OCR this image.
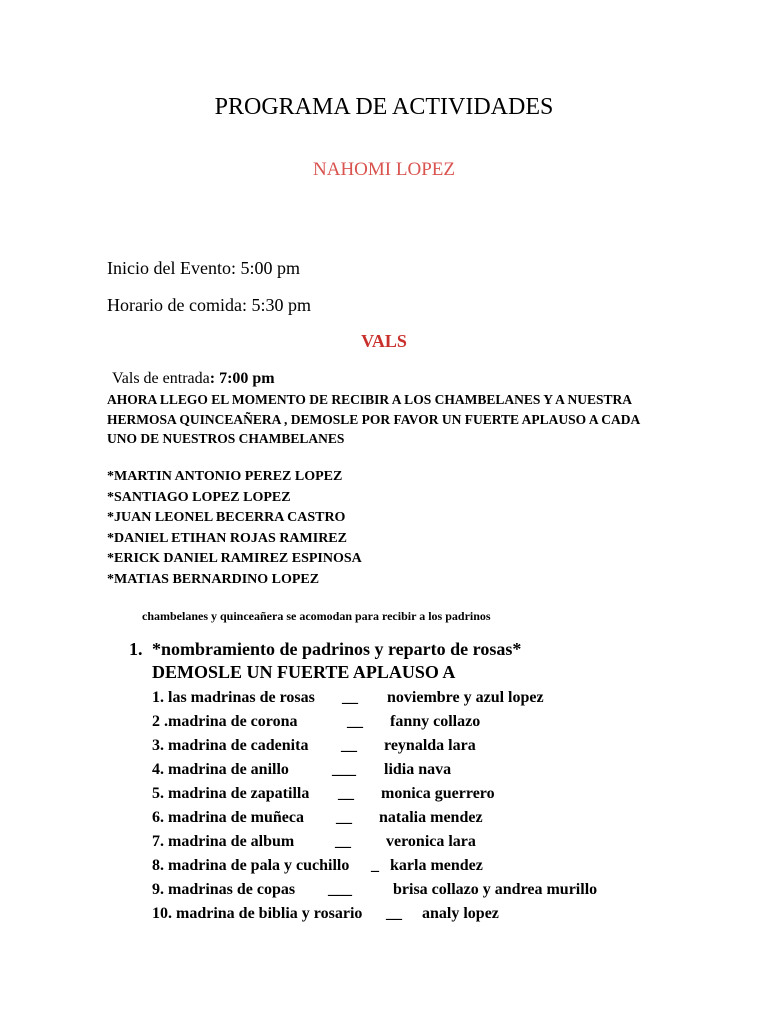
PROGRAMA DE ACTIVIDADES
NAHOMI LOPEZ
Inicio del Evento: 5:00 pm
Horario de comida: 5:30 pm
VALS
Vals de entrada: 7:00 pm
AHORA LLEGO EL MOMENTO DE RECIBIR A LOS CHAMBELANES Y A NUESTRA
HERMOSA QUINCEAÑERA , DEMOSLE POR FAVOR UN FUERTE APLAUSO A CADA
UNO DE NUESTROS CHAMBELANES
*MARTIN ANTONIO PEREZ LOPEZ
*SANTIAGO LOPEZ LOPEZ
*JUAN LEONEL BECERRA CASTRO
*DANIEL ETIHAN ROJAS RAMIREZ
*ERICK DANIEL RAMIREZ ESPINOSA
*MATIAS BERNARDINO LOPEZ
chambelanes y quinceañera se acomodan para recibir a los padrinos
1. *nombramiento de padrinos y reparto de rosas*
DEMOSLE UN FUERTE APLAUSO A
1. las madrinas de rosas __ noviembre y azul lopez
2 .madrina de corona	__ fanny collazo
3. madrina de cadenita __ reynalda lara
4. madrina de anillo	___ lidia nava
5. madrina de zapatilla __ monica guerrero
6. madrina de muñeca __ natalia mendez
7. madrina de album	__ veronica lara
8. madrina de pala y cuchillo _ karla mendez
9. madrinas de copas ___	brisa collazo y andrea murillo
10. madrina de biblia y rosario __ analy lopez
